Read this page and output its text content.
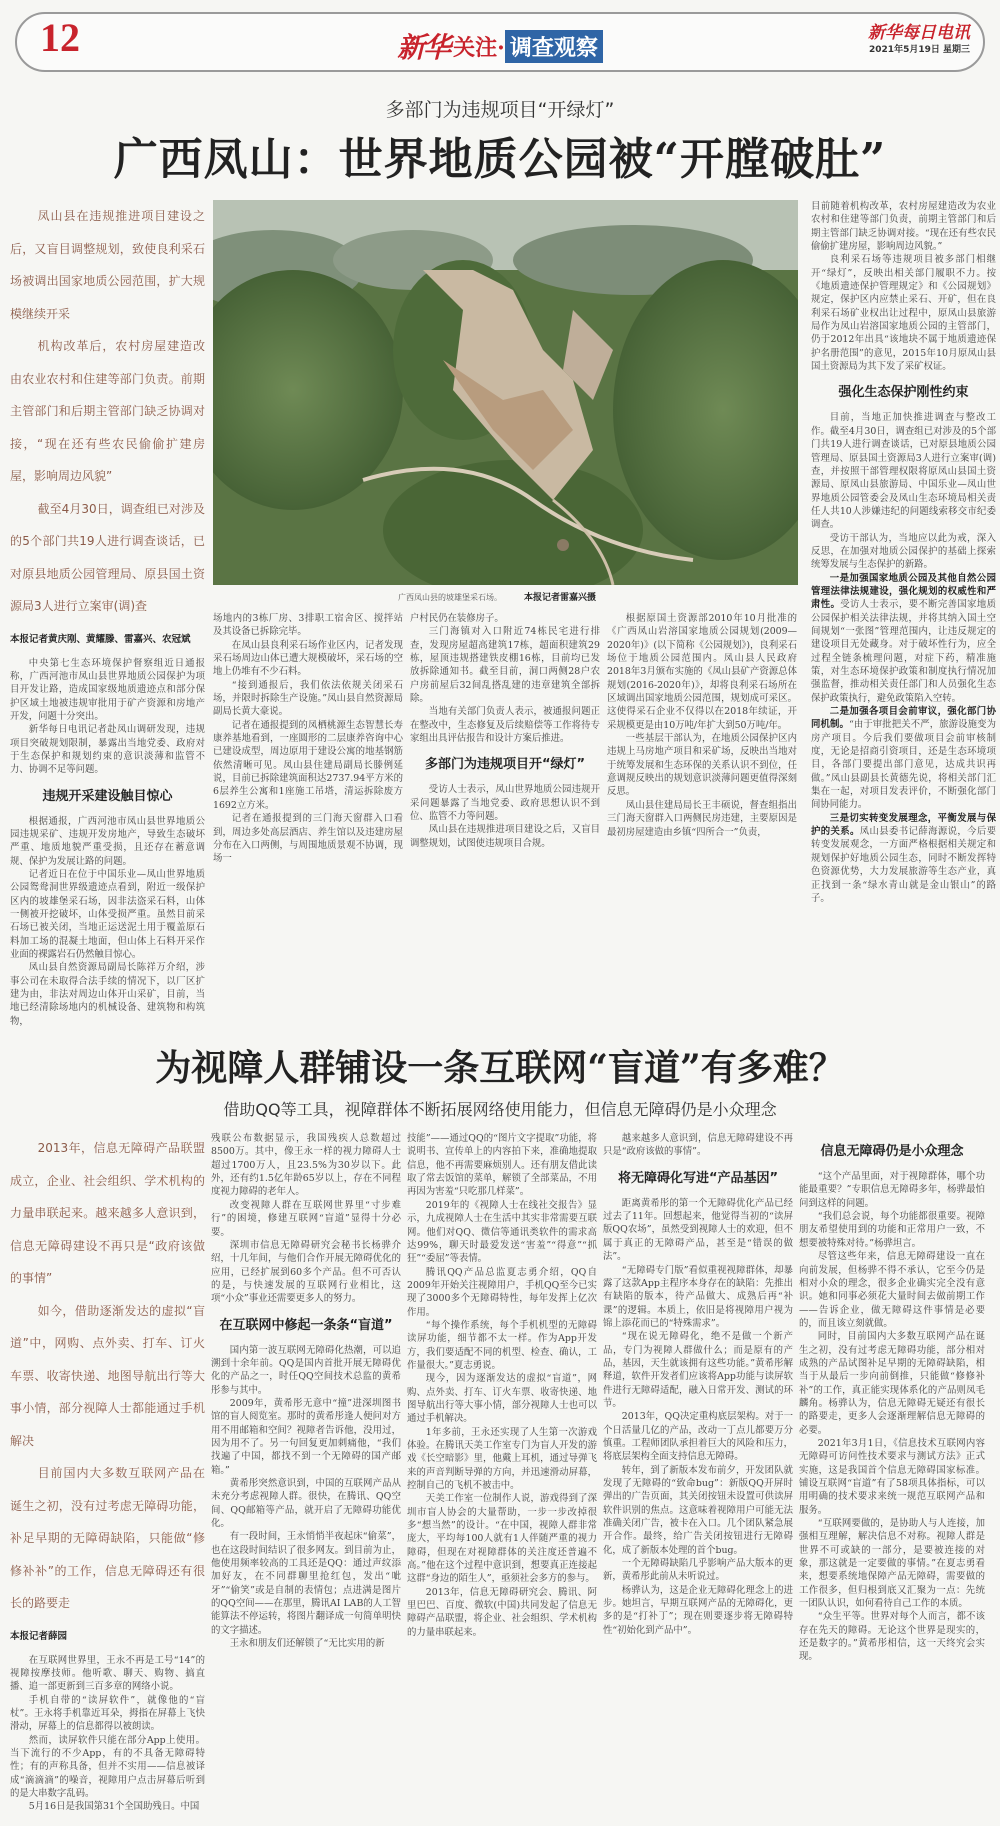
12	新华 关注· 调查观察
新华每日电讯
2021年5月19日 星期三
多部门为违规项目“开绿灯”
广西凤山：世界地质公园被“开膛破肚”

凤山县在违规推进项目建设之后，又盲目调整规划，致使良利采石场被调出国家地质公园范围，扩大规模继续开采

机构改革后，农村房屋建造改由农业农村和住建等部门负责。前期主管部门和后期主管部门缺乏协调对接，“现在还有些农民偷偷扩建房屋，影响周边风貌”

截至4月30日，调查组已对涉及的5个部门共19人进行调查谈话，已对原县地质公园管理局、原县国土资源局3人进行立案审(调)查

本报记者黄庆刚、黄耀滕、雷嘉兴、农冠斌

中央第七生态环境保护督察组近日通报称，广西河池市凤山县世界地质公园保护为项目开发让路，造成国家级地质遗迹点和部分保护区域土地被违规审批用于矿产资源和房地产开发，问题十分突出。

新华每日电讯记者赴凤山调研发现，违规项目突破规划限制，暴露出当地党委、政府对于生态保护和规划约束的意识淡薄和监管不力、协调不足等问题。

违规开采建设触目惊心

根据通报，广西河池市凤山县世界地质公园违规采矿、违规开发房地产，导致生态破坏严重、地质地貌严重受损，且还存在蓄意调规、保护为发展让路的问题。

记者近日在位于中国乐业—凤山世界地质公园鸳鸯洞世界级遗迹点看到，附近一级保护区内的坡雄堡采石场，因非法盗采石料，山体一侧被开挖破坏，山体受损严重。虽然目前采石场已被关闭，当地正运送泥土用于覆盖原石料加工场的混凝土地面，但山体上石料开采作业面的裸露岩石仍然触目惊心。

凤山县自然资源局副局长陈祥万介绍，涉事公司在未取得合法手续的情况下，以厂区扩建为由，非法对周边山体开山采矿，目前，当地已经清除场地内的机械设备、建筑物和构筑物，

广西凤山县的坡雄堡采石场。 本报记者雷嘉兴摄

场地内的3栋厂房、3排职工宿舍区、搅拌站及其设备已拆除完毕。

在凤山县良利采石场作业区内，记者发现采石场周边山体已遭大规模破坏，采石场的空地上仍堆有不少石料。

“接到通报后，我们依法依规关闭采石场，并限时拆除生产设施。”凤山县自然资源局副局长黄大豪说。

记者在通报提到的凤栖桃源生态智慧长寿康养基地看到，一座圆形的二层康养咨询中心已建设成型，周边原用于建设公寓的地基钢筋依然清晰可见。凤山县住建局副局长滕例延说，目前已拆除建筑面积达2737.94平方米的6层养生公寓和1座施工吊塔，清运拆除废方1692立方米。

记者在通报提到的三门海天窗群入口看到，周边多处高层酒店、养生馆以及违建房屋分布在入口两侧，与周围地质景观不协调，现场一

户村民仍在装修房子。

三门海镇对入口附近74栋民宅进行排查，发现房屋超高建筑17栋，超面积建筑29栋，屋顶违规搭建铁皮棚16栋，目前均已发放拆除通知书。截至目前，洞口两侧28户农户房前屋后32间乱搭乱建的违章建筑全部拆除。

当地有关部门负责人表示，被通报问题正在整改中，生态修复及后续赔偿等工作将待专家组出具评估报告和设计方案后推进。

多部门为违规项目开“绿灯”

受访人士表示，凤山世界地质公园违规开采问题暴露了当地党委、政府思想认识不到位、监管不力等问题。

凤山县在违规推进项目建设之后，又盲目调整规划，试图使违规项目合规。

根据原国土资源部2010年10月批准的《广西凤山岩溶国家地质公园规划(2009—2020年)》(以下简称《公园规划》)，良利采石场位于地质公园范围内。凤山县人民政府2018年3月颁布实施的《凤山县矿产资源总体规划(2016-2020年)》，却将良利采石场所在区域调出国家地质公园范围，规划成可采区。这使得采石企业不仅得以在2018年续证，开采规模更是由10万吨/年扩大到50万吨/年。

一些基层干部认为，在地质公园保护区内违规上马房地产项目和采矿场，反映出当地对于统筹发展和生态环保的关系认识不到位，任意调规反映出的规划意识淡薄问题更值得深刻反思。

凤山县住建局局长王丰硕说，督查组指出三门海天窗群入口两侧民房违建，主要原因是最初房屋建造由乡镇“四所合一”负责，

目前随着机构改革，农村房屋建造改为农业农村和住建等部门负责，前期主管部门和后期主管部门缺乏协调对接。“现在还有些农民偷偷扩建房屋，影响周边风貌。”

良利采石场等违规项目被多部门相继开“绿灯”，反映出相关部门履职不力。按《地质遗迹保护管理规定》和《公园规划》规定，保护区内应禁止采石、开矿，但在良利采石场矿业权出让过程中，原凤山县旅游局作为凤山岩溶国家地质公园的主管部门，仍于2012年出具“该地块不属于地质遗迹保护名册范围”的意见，2015年10月原凤山县国土资源局为其下发了采矿权证。

强化生态保护刚性约束

目前，当地正加快推进调查与整改工作。截至4月30日，调查组已对涉及的5个部门共19人进行调查谈话，已对原县地质公园管理局、原县国土资源局3人进行立案审(调)查，并按照干部管理权限将原凤山县国土资源局、原凤山县旅游局、中国乐业—凤山世界地质公园管委会及凤山生态环境局相关责任人共10人涉嫌违纪的问题线索移交市纪委调查。

受访干部认为，当地应以此为戒，深入反思，在加强对地质公园保护的基础上探索统筹发展与生态保护的新路。

一是加强国家地质公园及其他自然公园管理法律法规建设，强化规划的权威性和严肃性。受访人士表示，要不断完善国家地质公园保护相关法律法规，并将其纳入国土空间规划“一张图”管理范围内，让违反规定的建设项目无处藏身。对于破坏性行为，应全过程全链条梳理问题，对症下药，精准施策，对生态环境保护政策和制度执行情况加强监督，推动相关责任部门和人员强化生态保护政策执行，避免政策陷入空转。

二是加强各项目会前审议，强化部门协同机制。“由于审批把关不严，旅游设施变为房产项目。今后我们要做项目会前审核制度，无论是招商引资项目，还是生态环境项目，各部门要提出部门意见，达成共识再做。”凤山县副县长黄德先说，将相关部门汇集在一起，对项目发表评价，不断强化部门间协同能力。

三是切实转变发展理念，平衡发展与保护的关系。凤山县委书记薛海源说，今后要转变发展观念，一方面严格根据相关规定和规划保护好地质公园生态，同时不断发挥特色资源优势，大力发展旅游等生态产业，真正找到一条“绿水青山就是金山银山”的路子。

为视障人群铺设一条互联网“盲道”有多难？
借助QQ等工具，视障群体不断拓展网络使用能力，但信息无障碍仍是小众理念

2013年，信息无障碍产品联盟成立，企业、社会组织、学术机构的力量串联起来。越来越多人意识到，信息无障碍建设不再只是“政府该做的事情”

如今，借助逐渐发达的虚拟“盲道”中，网购、点外卖、打车、订火车票、收寄快递、地图导航出行等大事小情，部分视障人士都能通过手机解决

目前国内大多数互联网产品在诞生之初，没有过考虑无障碍功能，补足早期的无障碍缺陷，只能做“修修补补”的工作，信息无障碍还有很长的路要走

本报记者薛园

在互联网世界里，王永不再是工号“14”的视障按摩技师。他听歌、聊天、购物、搞直播、追一部更新到三百多章的网络小说。

手机自带的“读屏软件”，就像他的“盲杖”。王永将手机靠近耳朵，拇指在屏幕上飞快滑动，屏幕上的信息都得以被朗读。

然而，读屏软件只能在部分App上使用。当下流行的不少App，有的不具备无障碍特性；有的声称具备，但并不实用——信息被译成“滴滴滴”的噪音，视障用户点击屏幕后听到的是大串数字乱码。

5月16日是我国第31个全国助残日。中国

残联公布数据显示，我国残疾人总数超过8500万。其中，像王永一样的视力障碍人士超过1700万人，且23.5%为30岁以下。此外，还有约1.5亿年龄65岁以上，存在不同程度视力障碍的老年人。

改变视障人群在互联网世界里“寸步难行”的困境，修建互联网“盲道”显得十分必要。

深圳市信息无障碍研究会秘书长杨骅介绍，十几年间，与他们合作开展无障碍优化的应用，已经扩展到60多个产品。但不可否认的是，与快速发展的互联网行业相比，这项“小众”事业还需要更多人的努力。

在互联网中修起一条条“盲道”

国内第一波互联网无障碍化热潮，可以追溯到十余年前。QQ是国内首批开展无障碍优化的产品之一，时任QQ空间技术总监的黄希彤参与其中。

2009年，黄希彤无意中“撞”进深圳图书馆的盲人阅览室。那时的黄希彤逢人便问对方用不用邮箱和空间？视障者告诉他，没用过，因为用不了。另一句回复更加刺痛他，“我们找遍了中国，都找不到一个无障碍的国产邮箱。”

黄希彤突然意识到，中国的互联网产品从未充分考虑视障人群。很快，在腾讯、QQ空间、QQ邮箱等产品，就开启了无障碍功能优化。

有一段时间，王永悄悄半夜起床“偷菜”，也在这段时间结识了很多网友。到目前为止，他使用频率较高的工具还是QQ：通过声纹添加好友，在不同群聊里抢红包，发出“呲牙”“偷笑”或是自制的表情包；点进满是图片的QQ空间——在那里，腾讯AI LAB的人工智能算法不停运转，将图片翻译成一句简单明快的文字描述。

王永和朋友们还解锁了“无比实用的新

技能”——通过QQ的“图片文字提取”功能，将说明书、宣传单上的内容拍下来，准确地提取信息，他不再需要麻烦别人。还有朋友借此读取了常去饭馆的菜单，解锁了全部菜品，不用再因为害羞“只吃那几样菜”。

2019年的《视障人士在线社交报告》显示，九成视障人士在生活中其实非常需要互联网。他们对QQ、微信等通讯类软件的需求高达99%，聊天时最爱发送“害羞”“得意”“抓狂”“委屈”等表情。

腾讯QQ产品总监夏志勇介绍，QQ自2009年开始关注视障用户，手机QQ至今已实现了3000多个无障碍特性，每年发挥上亿次作用。

“每个操作系统，每个手机机型的无障碍读屏功能，细节都不太一样。作为App开发方，我们要适配不同的机型、检查、确认，工作量很大。”夏志勇说。

现今，因为逐渐发达的虚拟“盲道”，网购、点外卖、打车、订火车票、收寄快递、地图导航出行等大事小情，部分视障人士也可以通过手机解决。

1年多前，王永还实现了人生第一次游戏体验。在腾讯天美工作室专门为盲人开发的游戏《长空暗影》里，他戴上耳机，通过导弹飞来的声音判断导弹的方向，并迅速滑动屏幕，控制自己的飞机不被击中。

天美工作室一位制作人说，游戏得到了深圳市盲人协会的大量帮助，一步一步改掉很多“想当然”的设计。“在中国，视障人群非常庞大，平均每100人就有1人伴随严重的视力障碍，但现在对视障群体的关注度还普遍不高。”他在这个过程中意识到，想要真正连接起这群“身边的陌生人”，亟须社会多方的参与。

2013年，信息无障碍研究会、腾讯、阿里巴巴、百度、微软(中国)共同发起了信息无障碍产品联盟，将企业、社会组织、学术机构的力量串联起来。

越来越多人意识到，信息无障碍建设不再只是“政府该做的事情”。

将无障碍化写进“产品基因”

距离黄希彤的第一个无障碍优化产品已经过去了11年。回想起来，他觉得当初的“读屏版QQ农场”，虽然受到视障人士的欢迎，但不属于真正的无障碍产品，甚至是“错误的做法”。

“无障碍专门版”看似重视视障群体，却暴露了这款App主程序本身存在的缺陷：先推出有缺陷的版本，待产品做大、成熟后再“补课”的逻辑。本质上，依旧是将视障用户视为锦上添花而已的“特殊需求”。

“现在说无障碍化，绝不是做一个新产品，专门为视障人群做什么；而是原有的产品，基因，天生就该拥有这些功能。”黄希彤解释道，软件开发者们应该将App功能与读屏软件进行无障碍适配，融入日常开发、测试的环节。

2013年，QQ决定重构底层架构。对于一个日活量几亿的产品，改动一丁点儿都要万分慎重。工程师团队承担着巨大的风险和压力，将底层架构全面支持信息无障碍。

转年，到了新版本发布前夕，开发团队就发现了无障碍的“致命bug”：新版QQ开屏时弹出的广告页面，其关闭按钮未设置可供读屏软件识别的焦点。这意味着视障用户可能无法准确关闭广告，被卡在入口。几个团队紧急展开合作。最终，给广告关闭按钮进行无障碍化，成了新版本处理的首个bug。

一个无障碍缺陷几乎影响产品大版本的更新，黄希彤此前从未听说过。

杨骅认为，这是企业无障碍化理念上的进步。她坦言，早期互联网产品的无障碍化，更多的是“打补丁”；现在则要逐步将无障碍特性“初始化到产品中”。

信息无障碍仍是小众理念

“这个产品里面，对于视障群体，哪个功能最重要？”专职信息无障碍多年，杨骅最怕问到这样的问题。

“我们总会说，每个功能都很重要。视障朋友希望使用到的功能和正常用户一致，不想要被特殊对待。”杨骅坦言。

尽管这些年来，信息无障碍建设一直在向前发展，但杨骅不得不承认，它至今仍是相对小众的理念，很多企业确实完全没有意识。她和同事必须花大量时间去做前期工作——告诉企业，做无障碍这件事情是必要的，而且该立刻就做。

同时，目前国内大多数互联网产品在诞生之初，没有过考虑无障碍功能，部分相对成熟的产品试图补足早期的无障碍缺陷，相当于从最后一步向前倒推，只能做“修修补补”的工作，真正能实现体系化的产品则凤毛麟角。杨骅认为，信息无障碍无疑还有很长的路要走，更多人会逐渐理解信息无障碍的必要。

2021年3月1日，《信息技术互联网内容无障碍可访问性技术要求与测试方法》正式实施，这是我国首个信息无障碍国家标准。铺设互联网“盲道”有了58项具体指标，可以用明确的技术要求来统一规范互联网产品和服务。

“互联网要做的，是协助人与人连接，加强相互理解，解决信息不对称。视障人群是世界不可或缺的一部分，是要被连接的对象，那这就是一定要做的事情。”在夏志勇看来，想要系统地保障产品无障碍，需要做的工作很多，但归根到底又汇聚为一点：先统一团队认识，如何看待自己工作的本质。

“众生平等。世界对每个人而言，都不该存在先天的障碍。无论这个世界是现实的，还是数字的。”黄希彤相信，这一天终究会实现。
